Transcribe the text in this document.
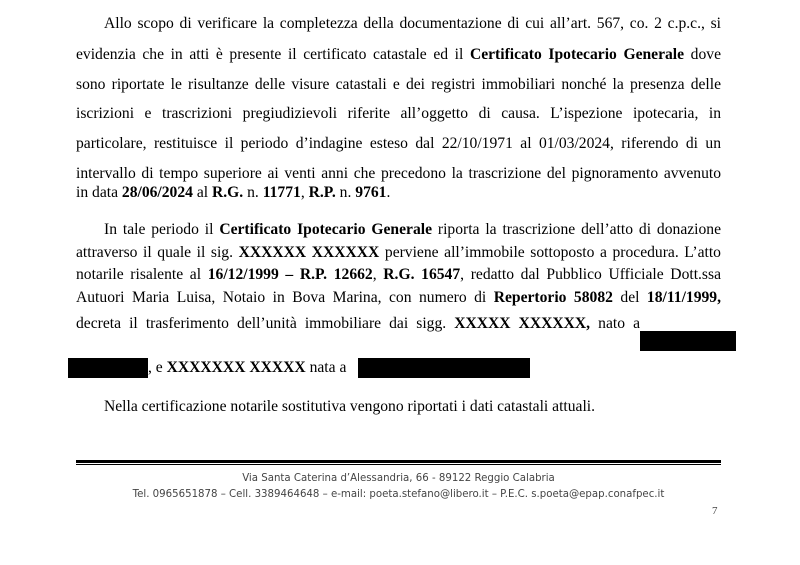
Allo scopo di verificare la completezza della documentazione di cui all’art. 567, co. 2 c.p.c., si
evidenzia che in atti è presente il certificato catastale ed il Certificato Ipotecario Generale dove
sono riportate le risultanze delle visure catastali e dei registri immobiliari nonché la presenza delle
iscrizioni e trascrizioni pregiudizievoli riferite all’oggetto di causa. L’ispezione ipotecaria, in
particolare, restituisce il periodo d’indagine esteso dal 22/10/1971 al 01/03/2024, riferendo di un
intervallo di tempo superiore ai venti anni che precedono la trascrizione del pignoramento avvenuto
in data 28/06/2024 al R.G. n. 11771, R.P. n. 9761.
In tale periodo il Certificato Ipotecario Generale riporta la trascrizione dell’atto di donazione
attraverso il quale il sig. XXXXXX XXXXXX perviene all’immobile sottoposto a procedura. L’atto
notarile risalente al 16/12/1999 – R.P. 12662, R.G. 16547, redatto dal Pubblico Ufficiale Dott.ssa
Autuori Maria Luisa, Notaio in Bova Marina, con numero di Repertorio 58082 del 18/11/1999,
decreta il trasferimento dell’unità immobiliare dai sigg. XXXXX XXXXXX, nato a
, e XXXXXXX XXXXX nata a
Nella certificazione notarile sostitutiva vengono riportati i dati catastali attuali.
Via Santa Caterina d’Alessandria, 66 - 89122 Reggio Calabria
Tel. 0965651878 – Cell. 3389464648 – e-mail: poeta.stefano@libero.it – P.E.C. s.poeta@epap.conafpec.it
7
